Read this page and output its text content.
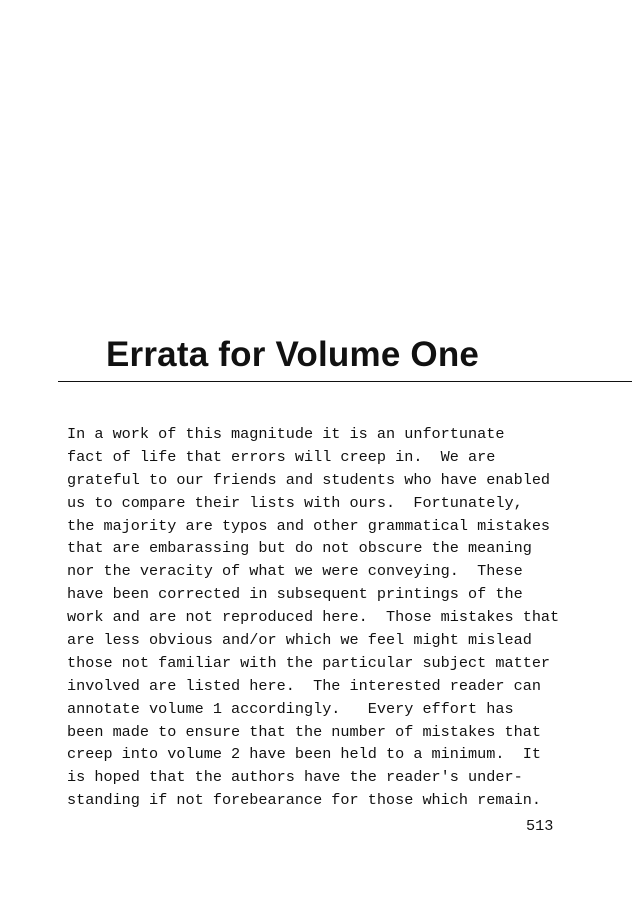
Errata for Volume One
In a work of this magnitude it is an unfortunate
fact of life that errors will creep in.  We are
grateful to our friends and students who have enabled
us to compare their lists with ours.  Fortunately,
the majority are typos and other grammatical mistakes
that are embarassing but do not obscure the meaning
nor the veracity of what we were conveying.  These
have been corrected in subsequent printings of the
work and are not reproduced here.  Those mistakes that
are less obvious and/or which we feel might mislead
those not familiar with the particular subject matter
involved are listed here.  The interested reader can
annotate volume 1 accordingly.   Every effort has
been made to ensure that the number of mistakes that
creep into volume 2 have been held to a minimum.  It
is hoped that the authors have the reader's under-
standing if not forebearance for those which remain.
513
